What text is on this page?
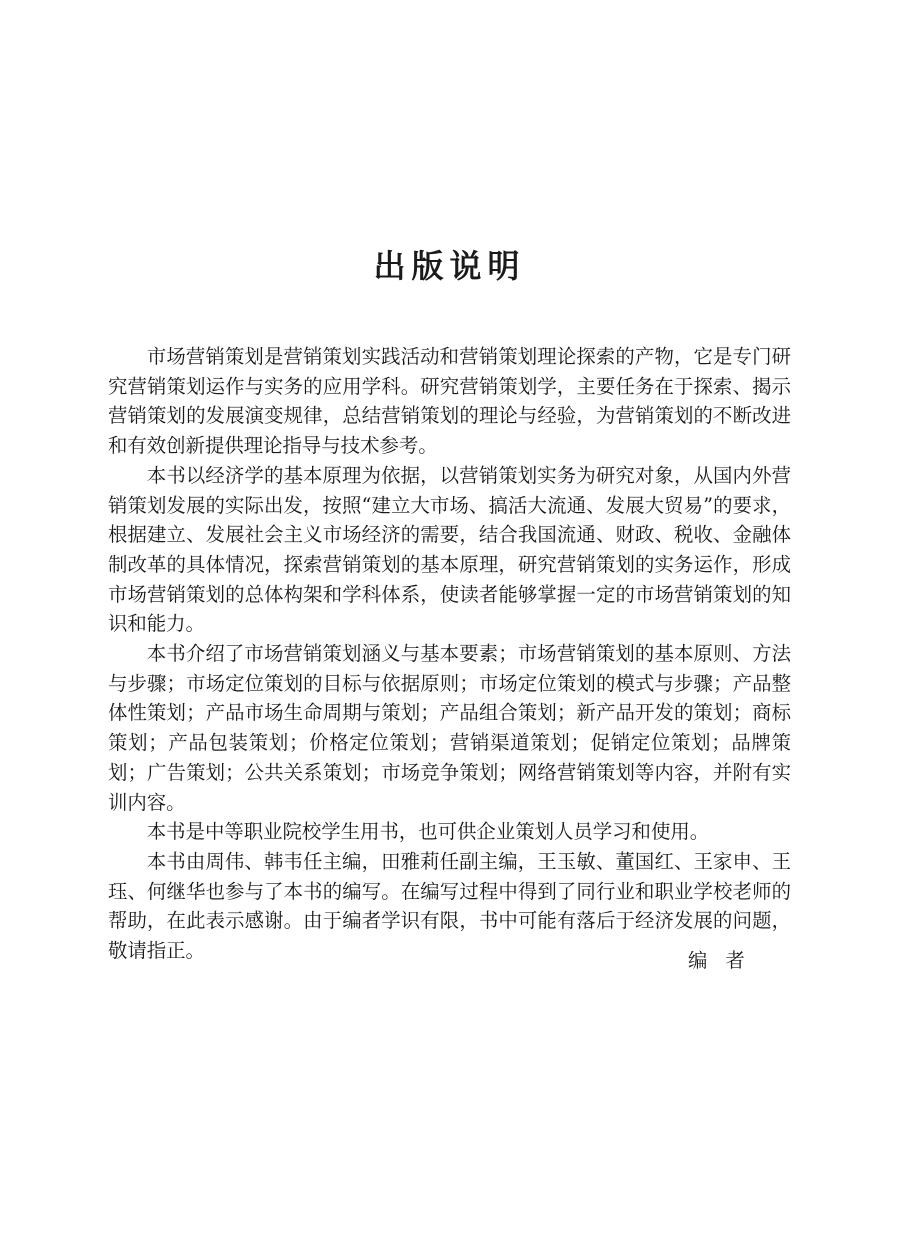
出版说明

市场营销策划是营销策划实践活动和营销策划理论探索的产物，它是专门研究营销策划运作与实务的应用学科。研究营销策划学，主要任务在于探索、揭示营销策划的发展演变规律，总结营销策划的理论与经验，为营销策划的不断改进和有效创新提供理论指导与技术参考。

本书以经济学的基本原理为依据，以营销策划实务为研究对象，从国内外营销策划发展的实际出发，按照“建立大市场、搞活大流通、发展大贸易”的要求，根据建立、发展社会主义市场经济的需要，结合我国流通、财政、税收、金融体制改革的具体情况，探索营销策划的基本原理，研究营销策划的实务运作，形成市场营销策划的总体构架和学科体系，使读者能够掌握一定的市场营销策划的知识和能力。

本书介绍了市场营销策划涵义与基本要素；市场营销策划的基本原则、方法与步骤；市场定位策划的目标与依据原则；市场定位策划的模式与步骤；产品整体性策划；产品市场生命周期与策划；产品组合策划；新产品开发的策划；商标策划；产品包装策划；价格定位策划；营销渠道策划；促销定位策划；品牌策划；广告策划；公共关系策划；市场竞争策划；网络营销策划等内容，并附有实训内容。

本书是中等职业院校学生用书，也可供企业策划人员学习和使用。

本书由周伟、韩韦任主编，田雅莉任副主编，王玉敏、董国红、王家申、王珏、何继华也参与了本书的编写。在编写过程中得到了同行业和职业学校老师的帮助，在此表示感谢。由于编者学识有限，书中可能有落后于经济发展的问题，敬请指正。	编者
